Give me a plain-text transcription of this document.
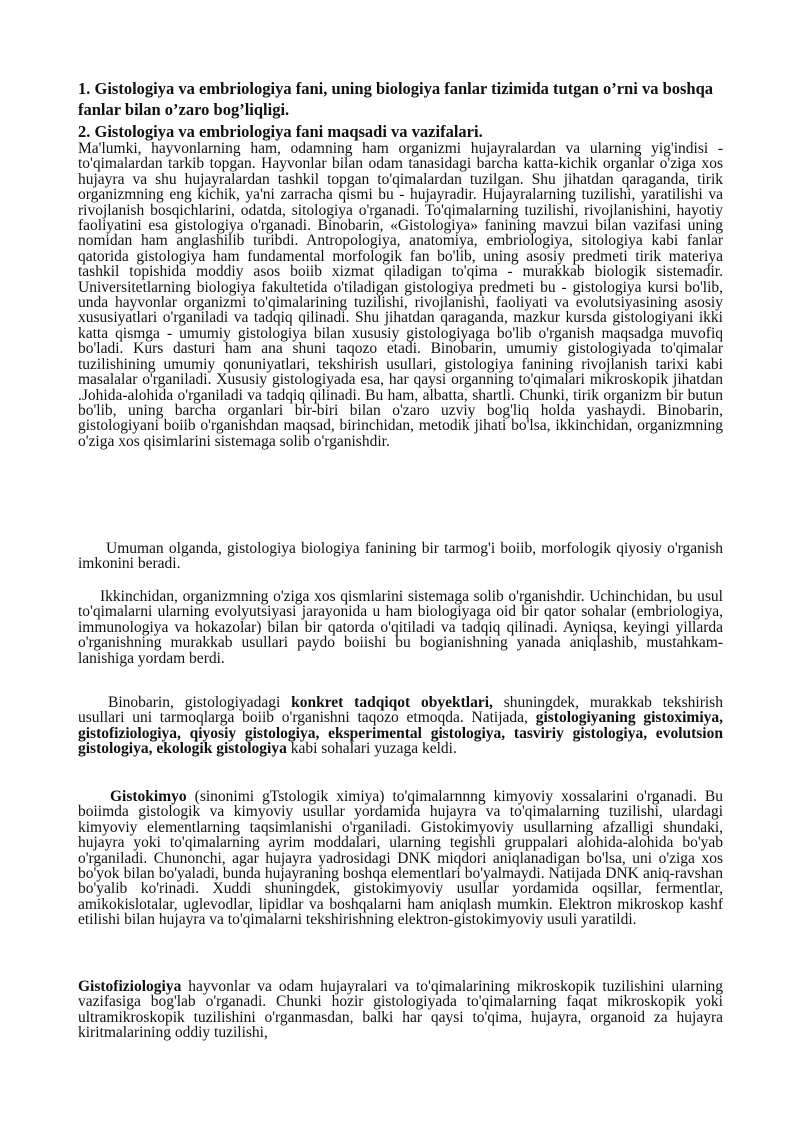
1. Gistologiya va embriologiya fani, uning biologiya fanlar tizimida tutgan o’rni va boshqa fanlar bilan o’zaro bog’liqligi.

2. Gistologiya va embriologiya fani maqsadi va vazifalari.

Ma'lumki, hayvonlarning ham, odamning ham organizmi hujayralardan va ularning yig'indisi - to'qimalardan tarkib topgan. Hayvonlar bilan odam tanasidagi barcha katta-kichik organlar o'ziga xos hujayra va shu hujayralardan tashkil topgan to'qimalardan tuzilgan. Shu jihatdan qaraganda, tirik organizmning eng kichik, ya'ni zarracha qismi bu - hujayradir. Hujayralarning tuzilishi, yaratilishi va rivojlanish bosqichlarini, odatda, sitologiya o'rganadi. To'qimalarning tuzilishi, rivojlanishini, hayotiy faoliyatini esa gistologiya o'rganadi. Binobarin, «Gistologiya» fanining mavzui bilan vazifasi uning nomidan ham anglashilib turibdi. Antropologiya, anatomiya, embriologiya, sitologiya kabi fanlar qatorida gistologiya ham fundamental morfologik fan bo'lib, uning asosiy predmeti tirik materiya tashkil topishida moddiy asos boiib xizmat qiladigan to'qima - murakkab biologik sistemadir. Universitetlarning biologiya fakultetida o'tiladigan gistologiya predmeti bu - gistologiya kursi bo'lib, unda hayvonlar organizmi to'qimalarining tuzilishi, rivojlanishi, faoliyati va evolutsiyasining asosiy xususiyatlari o'rganiladi va tadqiq qilinadi. Shu jihatdan qaraganda, mazkur kursda gistologiyani ikki katta qismga - umumiy gistologiya bilan xususiy gistologiyaga bo'lib o'rganish maqsadga muvofiq bo'ladi. Kurs dasturi ham ana shuni taqozo etadi. Binobarin, umumiy gistologiyada to'qimalar tuzilishining umumiy qonuniyatlari, tekshirish usullari, gistologiya fanining rivojlanish tarixi kabi masalalar o'rganiladi. Xususiy gistologiyada esa, har qaysi organning to'qimalari mikroskopik jihatdan .Johida-alohida o'rganiladi va tadqiq qilinadi. Bu ham, albatta, shartli. Chunki, tirik organizm bir butun bo'lib, uning barcha organlari bir-biri bilan o'zaro uzviy bog'liq holda yashaydi. Binobarin, gistologiyani boiib o'rganishdan maqsad, birinchidan, metodik jihati bo'lsa, ikkinchidan, organizmning o'ziga xos qisimlarini sistemaga solib o'rganishdir.

Umuman olganda, gistologiya biologiya fanining bir tarmog'i boiib, morfologik qiyosiy o'rganish imkonini beradi.

Ikkinchidan, organizmning o'ziga xos qismlarini sistemaga solib o'rganishdir. Uchinchidan, bu usul to'qimalarni ularning evolyutsiyasi jarayonida u ham biologiyaga oid bir qator sohalar (embriologiya, immunologiya va hokazolar) bilan bir qatorda o'qitiladi va tadqiq qilinadi. Ayniqsa, keyingi yillarda o'rganishning murakkab usullari paydo boiishi bu bogianishning yanada aniqlashib, mustahkam-lanishiga yordam berdi.

Binobarin, gistologiyadagi konkret tadqiqot obyektlari, shuningdek, murakkab tekshirish usullari uni tarmoqlarga boiib o'rganishni taqozo etmoqda. Natijada, gistologiyaning gistoximiya, gistofiziologiya, qiyosiy gistologiya, eksperimental gistologiya, tasviriy gistologiya, evolutsion gistologiya, ekologik gistologiya kabi sohalari yuzaga keldi.

Gistokimyo (sinonimi gTstologik ximiya) to'qimalarnnng kimyoviy xossalarini o'rganadi. Bu boiimda gistologik va kimyoviy usullar yordamida hujayra va to'qimalarning tuzilishi, ulardagi kimyoviy elementlarning taqsimlanishi o'rganiladi. Gistokimyoviy usullarning afzalligi shundaki, hujayra yoki to'qimalarning ayrim moddalari, ularning tegishli gruppalari alohida-alohida bo'yab o'rganiladi. Chunonchi, agar hujayra yadrosidagi DNK miqdori aniqlanadigan bo'lsa, uni o'ziga xos bo'yok bilan bo'yaladi, bunda hujayraning boshqa elementlari bo'yalmaydi. Natijada DNK aniq-ravshan bo'yalib ko'rinadi. Xuddi shuningdek, gistokimyoviy usullar yordamida oqsillar, fermentlar, amikokislotalar, uglevodlar, lipidlar va boshqalarni ham aniqlash mumkin. Elektron mikroskop kashf etilishi bilan hujayra va to'qimalarni tekshirishning elektron-gistokimyoviy usuli yaratildi.

Gistofiziologiya hayvonlar va odam hujayralari va to'qimalarining mikroskopik tuzilishini ularning vazifasiga bog'lab o'rganadi. Chunki hozir gistologiyada to'qimalarning faqat mikroskopik yoki ultramikroskopik tuzilishini o'rganmasdan, balki har qaysi to'qima, hujayra, organoid za hujayra kiritmalarining oddiy tuzilishi,
